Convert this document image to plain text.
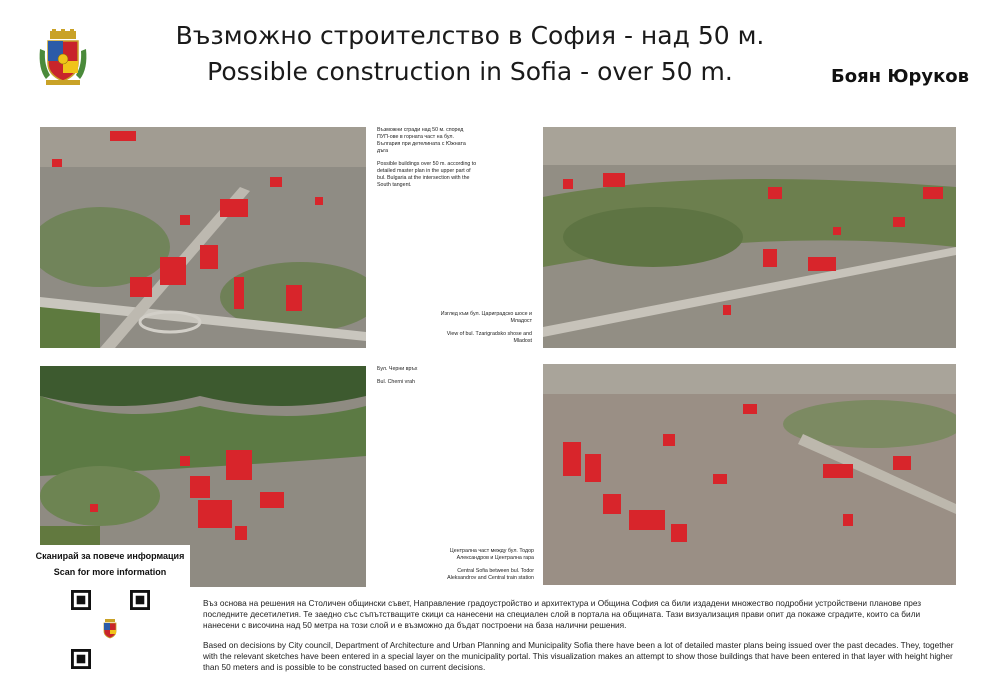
Възможно строителство в София - над 50 м.
Possible construction in Sofia - over 50 m.	Боян Юруков

Възможни сгради над 50 м. според ПУП-ове в горната част на бул. България при детелината с Южната дъга

Possible buildings over 50 m. according to detailed master plan in the upper part of bul. Bulgaria at the intersection with the South tangent.

Изглед към бул. Цариградско шосе и Младост

View of bul. Tzarigradsko shose and Mladost

Бул. Черни връх

Bul. Cherni vrah

Централна част между бул. Тодор Александров и Централна гара

Central Sofia between bul. Todor Aleksandrov and Central train station

Сканирай за повече информация
Scan for more information

Въз основа на решения на Столичен общински съвет, Направление градоустройство и архитектура и Община София са били издадени множество подробни устройствени планове през последните десетилетия. Те заедно със съпътстващите скици са нанесени на специален слой в портала на общината. Тази визуализация прави опит да покаже сградите, които са били нанесени с височина над 50 метра на този слой и е възможно да бъдат построени на база налични решения.

Based on decisions by City council, Department of Architecture and Urban Planning and Municipality Sofia there have been a lot of detailed master plans being issued over the past decades. They, together with the relevant sketches have been entered in a special layer on the municipality portal. This visualization makes an attempt to show those buildings that have been entered in that layer with height higher than 50 meters and is possible to be constructed based on current decisions.
